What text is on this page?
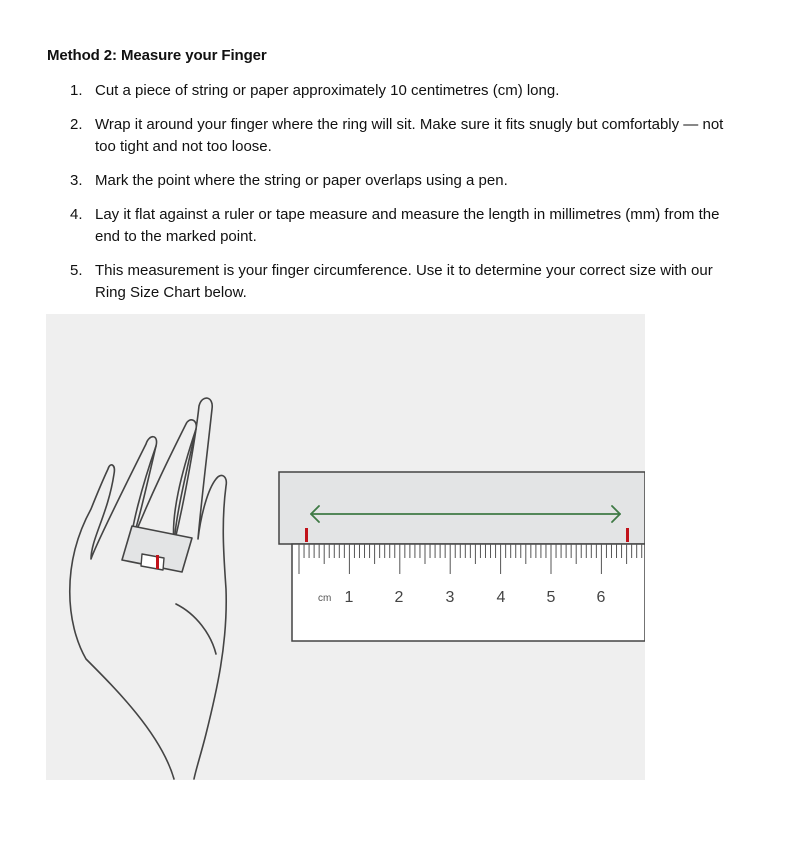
Method 2: Measure your Finger
1. Cut a piece of string or paper approximately 10 centimetres (cm) long.
2. Wrap it around your finger where the ring will sit. Make sure it fits snugly but comfortably — not too tight and not too loose.
3. Mark the point where the string or paper overlaps using a pen.
4. Lay it flat against a ruler or tape measure and measure the length in millimetres (mm) from the end to the marked point.
5. This measurement is your finger circumference. Use it to determine your correct size with our Ring Size Chart below.
cm 1	2	3	4	5	6
